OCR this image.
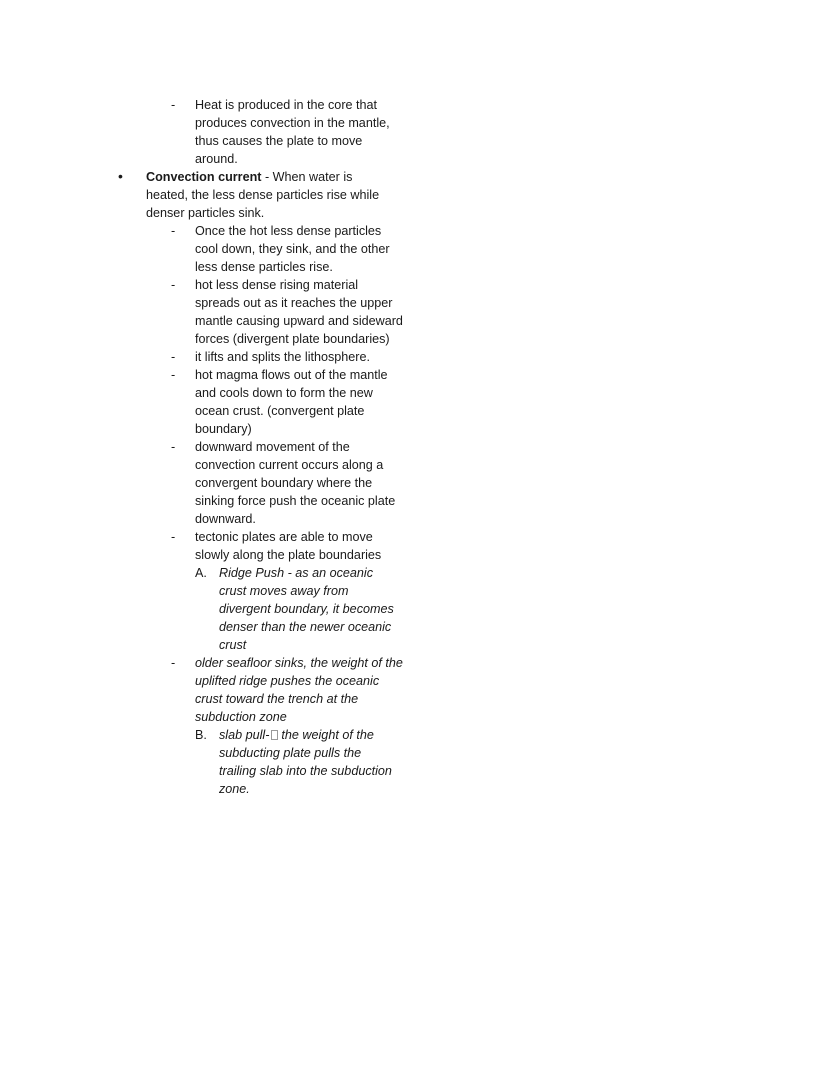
- Heat is produced in the core that produces convection in the mantle, thus causes the plate to move around.
• Convection current - When water is heated, the less dense particles rise while denser particles sink.
- Once the hot less dense particles cool down, they sink, and the other less dense particles rise.
- hot less dense rising material spreads out as it reaches the upper mantle causing upward and sideward forces (divergent plate boundaries)
- it lifts and splits the lithosphere.
- hot magma flows out of the mantle and cools down to form the new ocean crust. (convergent plate boundary)
- downward movement of the convection current occurs along a convergent boundary where the sinking force push the oceanic plate downward.
- tectonic plates are able to move slowly along the plate boundaries
A. Ridge Push - as an oceanic crust moves away from divergent boundary, it becomes denser than the newer oceanic crust
- older seafloor sinks, the weight of the uplifted ridge pushes the oceanic crust toward the trench at the subduction zone
B. slab pull- the weight of the subducting plate pulls the trailing slab into the subduction zone.
